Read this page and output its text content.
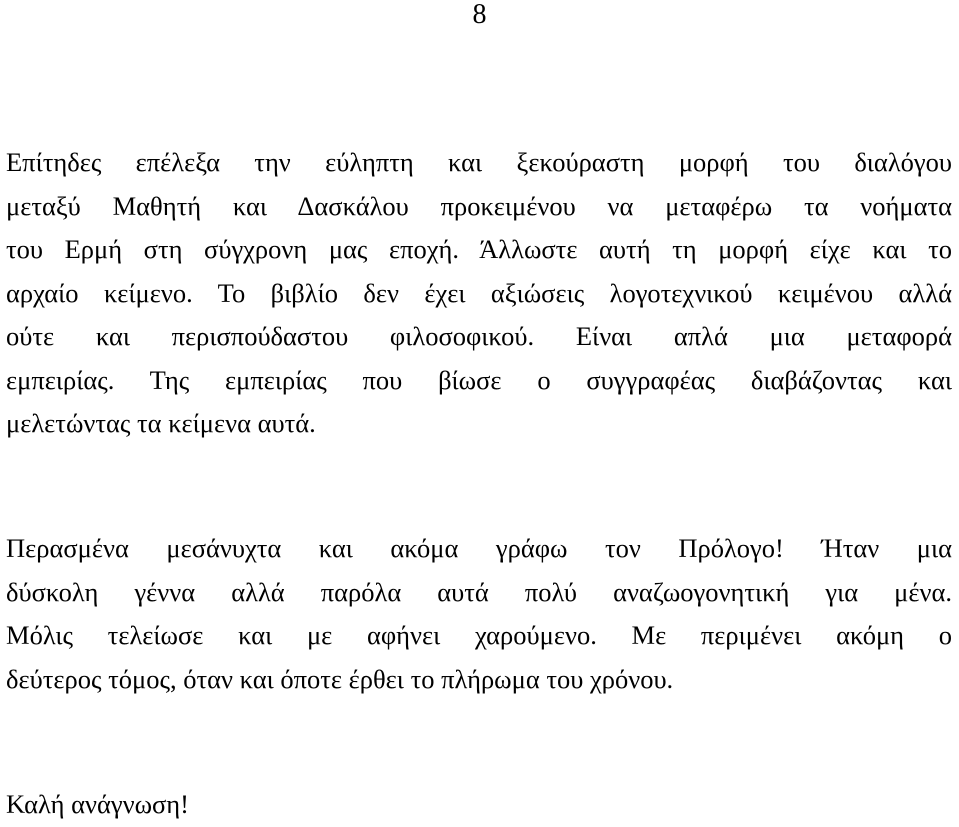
8

Επίτηδες επέλεξα την εύληπτη και ξεκούραστη μορφή του διαλόγου
μεταξύ Μαθητή και Δασκάλου προκειμένου να μεταφέρω τα νοήματα
του Ερμή στη σύγχρονη μας εποχή. Άλλωστε αυτή τη μορφή είχε και το
αρχαίο κείμενο. Το βιβλίο δεν έχει αξιώσεις λογοτεχνικού κειμένου αλλά
ούτε και περισπούδαστου φιλοσοφικού. Είναι απλά μια μεταφορά
εμπειρίας. Της εμπειρίας που βίωσε ο συγγραφέας διαβάζοντας και
μελετώντας τα κείμενα αυτά.

Περασμένα μεσάνυχτα και ακόμα γράφω τον Πρόλογο! Ήταν μια
δύσκολη γέννα αλλά παρόλα αυτά πολύ αναζωογονητική για μένα.
Μόλις τελείωσε και με αφήνει χαρούμενο. Με περιμένει ακόμη ο
δεύτερος τόμος, όταν και όποτε έρθει το πλήρωμα του χρόνου.

Καλή ανάγνωση!
